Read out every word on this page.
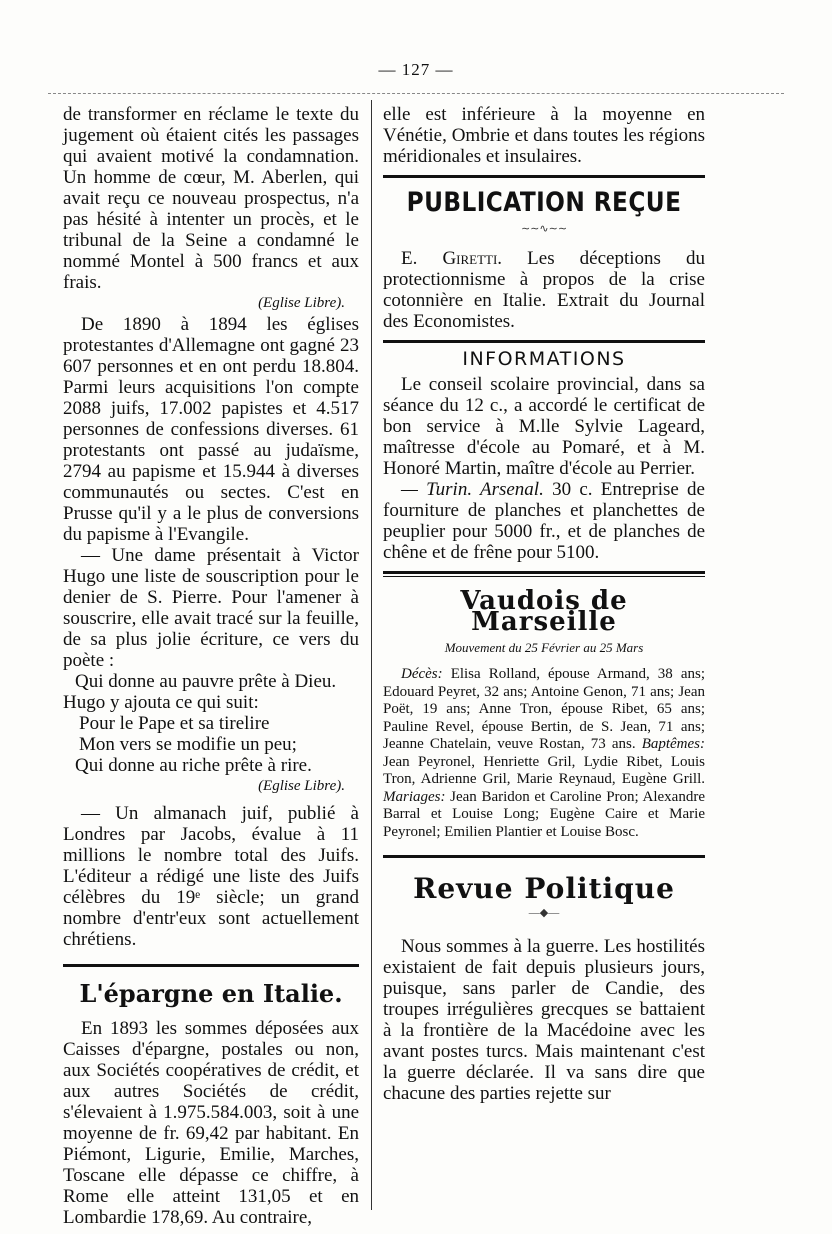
— 127 —

de transformer en réclame le texte du jugement où étaient cités les passages qui avaient motivé la condamnation. Un homme de cœur, M. Aberlen, qui avait reçu ce nouveau prospectus, n'a pas hésité à intenter un procès, et le tribunal de la Seine a condamné le nommé Montel à 500 francs et aux frais.

(Eglise Libre).

De 1890 à 1894 les églises protestantes d'Allemagne ont gagné 23 607 personnes et en ont perdu 18.804. Parmi leurs acquisitions l'on compte 2088 juifs, 17.002 papistes et 4.517 personnes de confessions diverses. 61 protestants ont passé au judaïsme, 2794 au papisme et 15.944 à diverses communautés ou sectes. C'est en Prusse qu'il y a le plus de conversions du papisme à l'Evangile.

— Une dame présentait à Victor Hugo une liste de souscription pour le denier de S. Pierre. Pour l'amener à souscrire, elle avait tracé sur la feuille, de sa plus jolie écriture, ce vers du poète :

Qui donne au pauvre prête à Dieu.

Hugo y ajouta ce qui suit:

Pour le Pape et sa tirelire
Mon vers se modifie un peu;
Qui donne au riche prête à rire.

(Eglise Libre).

— Un almanach juif, publié à Londres par Jacobs, évalue à 11 millions le nombre total des Juifs. L'éditeur a rédigé une liste des Juifs célèbres du 19ᵉ siècle; un grand nombre d'entr'eux sont actuellement chrétiens.

L'épargne en Italie.

En 1893 les sommes déposées aux Caisses d'épargne, postales ou non, aux Sociétés coopératives de crédit, et aux autres Sociétés de crédit, s'élevaient à 1.975.584.003, soit à une moyenne de fr. 69,42 par habitant. En Piémont, Ligurie, Emilie, Marches, Toscane elle dépasse ce chiffre, à Rome elle atteint 131,05 et en Lombardie 178,69. Au contraire,

elle est inférieure à la moyenne en Vénétie, Ombrie et dans toutes les régions méridionales et insulaires.

PUBLICATION REÇUE
∼∼∿∼∼

E. Giretti. Les déceptions du protectionnisme à propos de la crise cotonnière en Italie. Extrait du Journal des Economistes.

INFORMATIONS

Le conseil scolaire provincial, dans sa séance du 12 c., a accordé le certificat de bon service à M.lle Sylvie Lageard, maîtresse d'école au Pomaré, et à M. Honoré Martin, maître d'école au Perrier.

— Turin. Arsenal. 30 c. Entreprise de fourniture de planches et planchettes de peuplier pour 5000 fr., et de planches de chêne et de frêne pour 5100.

Vaudois de Marseille
Mouvement du 25 Février au 25 Mars

Décès: Elisa Rolland, épouse Armand, 38 ans; Edouard Peyret, 32 ans; Antoine Genon, 71 ans; Jean Poët, 19 ans; Anne Tron, épouse Ribet, 65 ans; Pauline Revel, épouse Bertin, de S. Jean, 71 ans; Jeanne Chatelain, veuve Rostan, 73 ans. Baptêmes: Jean Peyronel, Henriette Gril, Lydie Ribet, Louis Tron, Adrienne Gril, Marie Reynaud, Eugène Grill. Mariages: Jean Baridon et Caroline Pron; Alexandre Barral et Louise Long; Eugène Caire et Marie Peyronel; Emilien Plantier et Louise Bosc.

Revue Politique
—◆—

Nous sommes à la guerre. Les hostilités existaient de fait depuis plusieurs jours, puisque, sans parler de Candie, des troupes irrégulières grecques se battaient à la frontière de la Macédoine avec les avant postes turcs. Mais maintenant c'est la guerre déclarée. Il va sans dire que chacune des parties rejette sur
